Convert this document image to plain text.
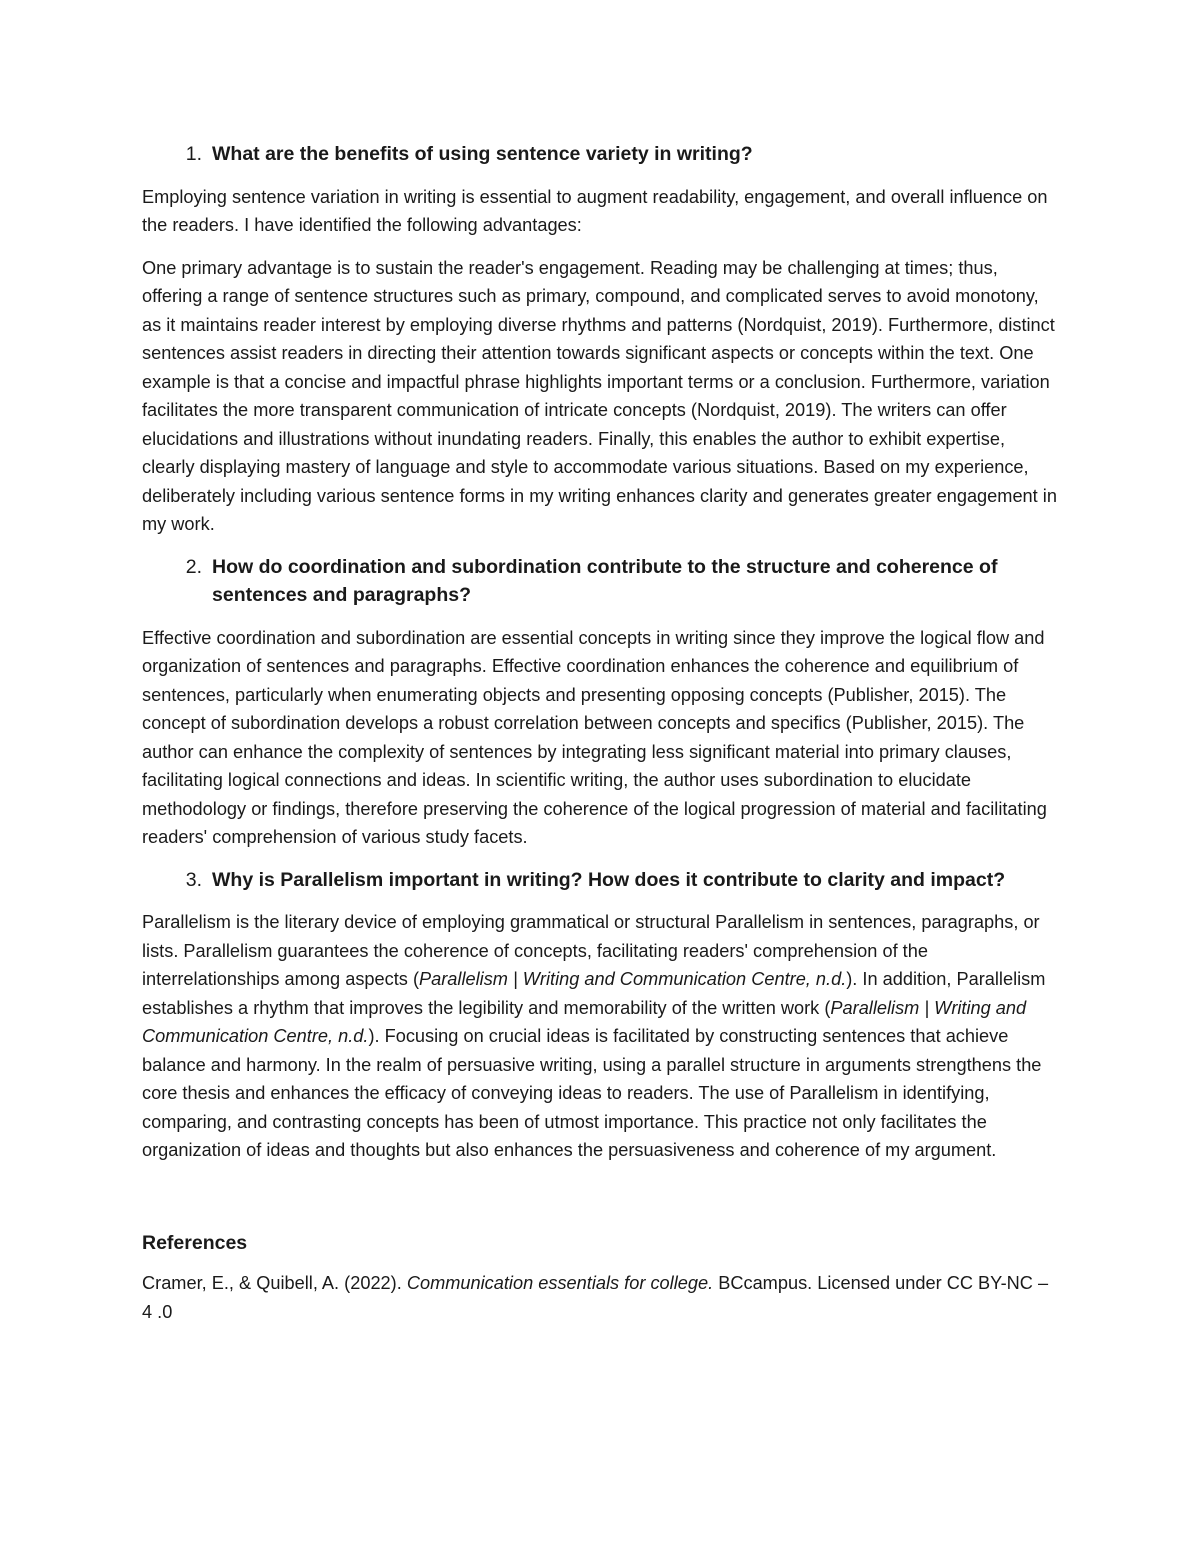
1. What are the benefits of using sentence variety in writing?

Employing sentence variation in writing is essential to augment readability, engagement, and overall influence on the readers. I have identified the following advantages:

One primary advantage is to sustain the reader's engagement. Reading may be challenging at times; thus, offering a range of sentence structures such as primary, compound, and complicated serves to avoid monotony, as it maintains reader interest by employing diverse rhythms and patterns (Nordquist, 2019). Furthermore, distinct sentences assist readers in directing their attention towards significant aspects or concepts within the text. One example is that a concise and impactful phrase highlights important terms or a conclusion. Furthermore, variation facilitates the more transparent communication of intricate concepts (Nordquist, 2019). The writers can offer elucidations and illustrations without inundating readers. Finally, this enables the author to exhibit expertise, clearly displaying mastery of language and style to accommodate various situations. Based on my experience, deliberately including various sentence forms in my writing enhances clarity and generates greater engagement in my work.

2. How do coordination and subordination contribute to the structure and coherence of sentences and paragraphs?

Effective coordination and subordination are essential concepts in writing since they improve the logical flow and organization of sentences and paragraphs. Effective coordination enhances the coherence and equilibrium of sentences, particularly when enumerating objects and presenting opposing concepts (Publisher, 2015). The concept of subordination develops a robust correlation between concepts and specifics (Publisher, 2015). The author can enhance the complexity of sentences by integrating less significant material into primary clauses, facilitating logical connections and ideas. In scientific writing, the author uses subordination to elucidate methodology or findings, therefore preserving the coherence of the logical progression of material and facilitating readers' comprehension of various study facets.

3. Why is Parallelism important in writing? How does it contribute to clarity and impact?

Parallelism is the literary device of employing grammatical or structural Parallelism in sentences, paragraphs, or lists. Parallelism guarantees the coherence of concepts, facilitating readers' comprehension of the interrelationships among aspects (Parallelism | Writing and Communication Centre, n.d.). In addition, Parallelism establishes a rhythm that improves the legibility and memorability of the written work (Parallelism | Writing and Communication Centre, n.d.). Focusing on crucial ideas is facilitated by constructing sentences that achieve balance and harmony. In the realm of persuasive writing, using a parallel structure in arguments strengthens the core thesis and enhances the efficacy of conveying ideas to readers. The use of Parallelism in identifying, comparing, and contrasting concepts has been of utmost importance. This practice not only facilitates the organization of ideas and thoughts but also enhances the persuasiveness and coherence of my argument.

References

Cramer, E., & Quibell, A. (2022). Communication essentials for college. BCcampus. Licensed under CC BY-NC – 4 .0
